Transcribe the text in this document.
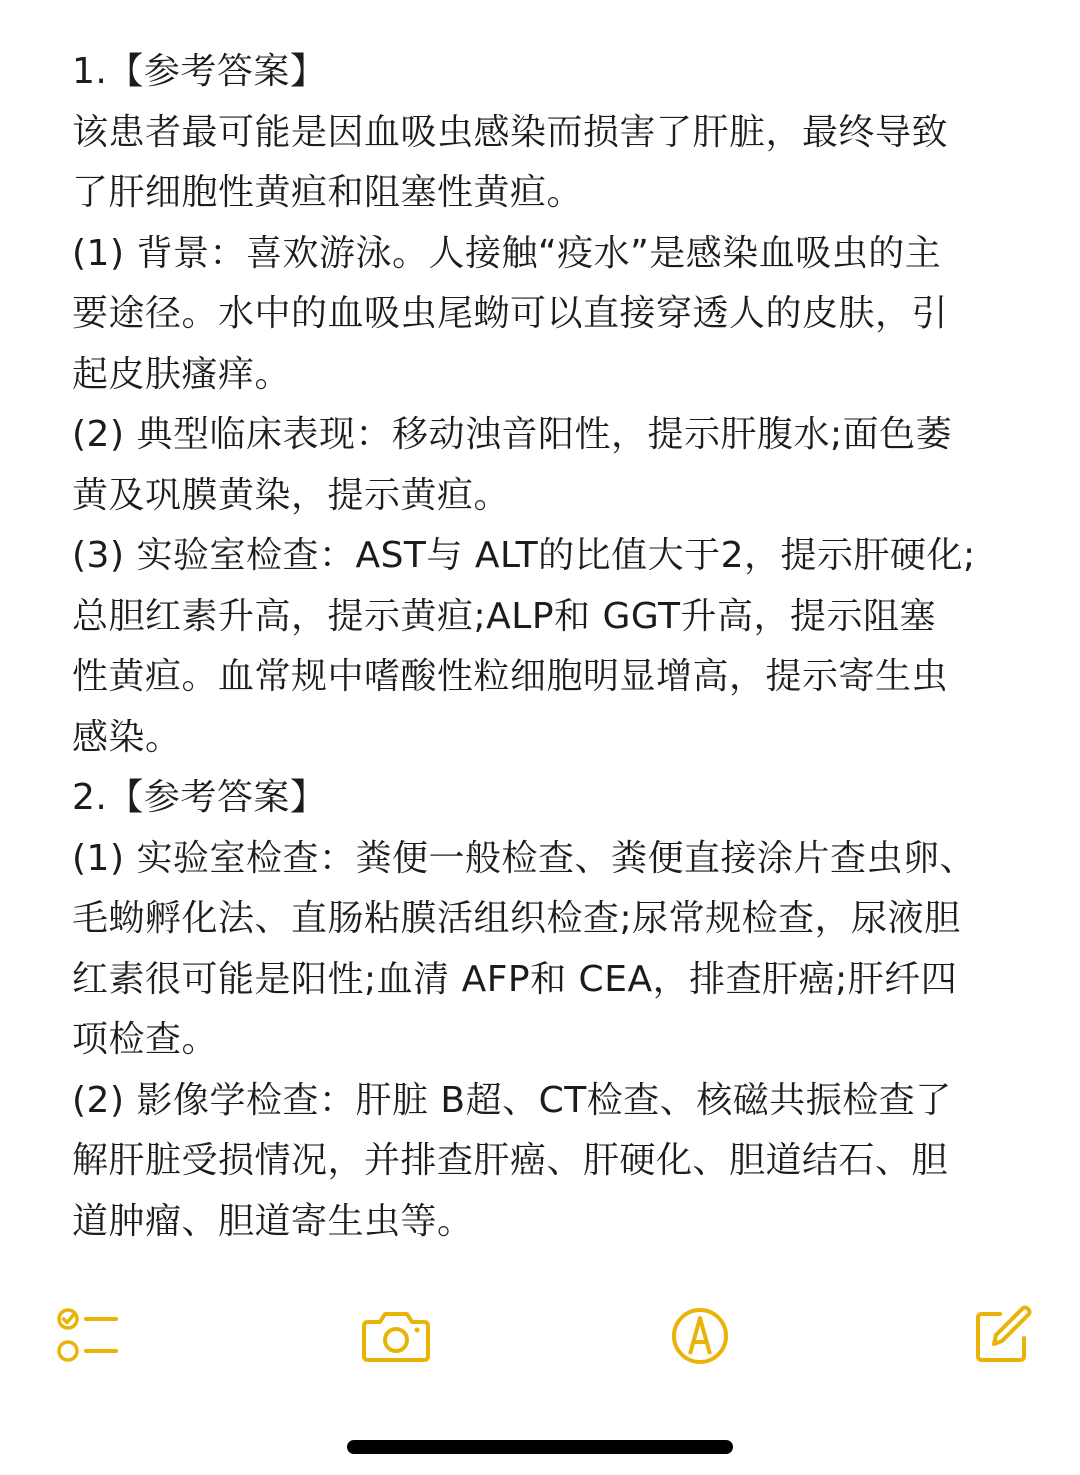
1.【参考答案】
该患者最可能是因血吸虫感染而损害了肝脏，最终导致
了肝细胞性黄疸和阻塞性黄疸。
(1) 背景：喜欢游泳。人接触“疫水”是感染血吸虫的主
要途径。水中的血吸虫尾蚴可以直接穿透人的皮肤，引
起皮肤瘙痒。
(2) 典型临床表现：移动浊音阳性，提示肝腹水;面色萎
黄及巩膜黄染，提示黄疸。
(3) 实验室检查：AST与 ALT的比值大于2，提示肝硬化;
总胆红素升高，提示黄疸;ALP和 GGT升高，提示阻塞
性黄疸。血常规中嗜酸性粒细胞明显增高，提示寄生虫
感染。
2.【参考答案】
(1) 实验室检查：粪便一般检查、粪便直接涂片查虫卵、
毛蚴孵化法、直肠粘膜活组织检查;尿常规检查，尿液胆
红素很可能是阳性;血清 AFP和 CEA，排查肝癌;肝纤四
项检查。
(2) 影像学检查：肝脏 B超、CT检查、核磁共振检查了
解肝脏受损情况，并排查肝癌、肝硬化、胆道结石、胆
道肿瘤、胆道寄生虫等。
